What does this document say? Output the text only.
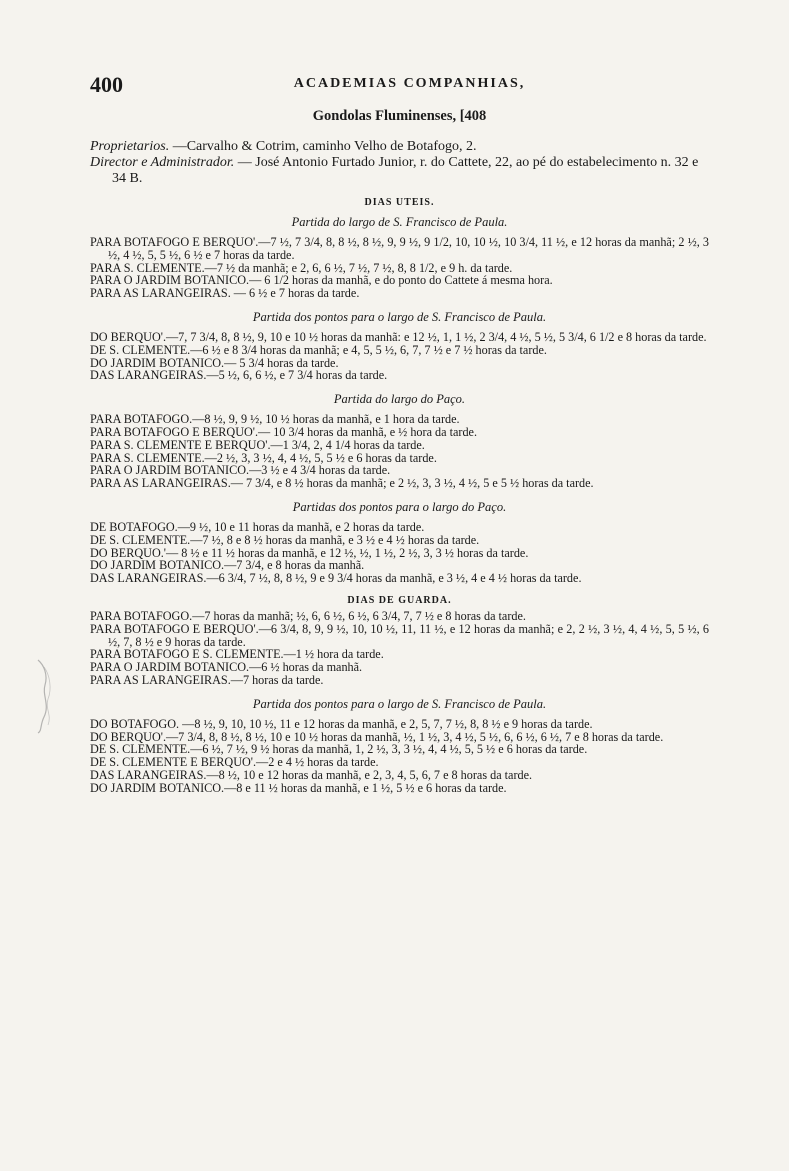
400	ACADEMIAS COMPANHIAS,
Gondolas Fluminenses, [408

Proprietarios. —Carvalho & Cotrim, caminho Velho de Botafogo, 2.

Director e Administrador. — José Antonio Furtado Junior, r. do Cattete, 22, ao pé do estabelecimento n. 32 e 34 B.

DIAS UTEIS.
Partida do largo de S. Francisco de Paula.

PARA BOTAFOGO E BERQUO'.—7 ½, 7 3/4, 8, 8 ½, 8 ½, 9, 9 ½, 9 1/2, 10, 10 ½, 10 3/4, 11 ½, e 12 horas da manhã; 2 ½, 3 ½, 4 ½, 5, 5 ½, 6 ½ e 7 horas da tarde.

PARA S. CLEMENTE.—7 ½ da manhã; e 2, 6, 6 ½, 7 ½, 7 ½, 8, 8 1/2, e 9 h. da tarde.

PARA O JARDIM BOTANICO.— 6 1/2 horas da manhã, e do ponto do Cattete á mesma hora.

PARA AS LARANGEIRAS. — 6 ½ e 7 horas da tarde.

Partida dos pontos para o largo de S. Francisco de Paula.

DO BERQUO'.—7, 7 3/4, 8, 8 ½, 9, 10 e 10 ½ horas da manhã: e 12 ½, 1, 1 ½, 2 3/4, 4 ½, 5 ½, 5 3/4, 6 1/2 e 8 horas da tarde.

DE S. CLEMENTE.—6 ½ e 8 3/4 horas da manhã; e 4, 5, 5 ½, 6, 7, 7 ½ e 7 ½ horas da tarde.

DO JARDIM BOTANICO.— 5 3/4 horas da tarde.

DAS LARANGEIRAS.—5 ½, 6, 6 ½, e 7 3/4 horas da tarde.

Partida do largo do Paço.

PARA BOTAFOGO.—8 ½, 9, 9 ½, 10 ½ horas da manhã, e 1 hora da tarde.

PARA BOTAFOGO E BERQUO'.— 10 3/4 horas da manhã, e ½ hora da tarde.

PARA S. CLEMENTE E BERQUO'.—1 3/4, 2, 4 1/4 horas da tarde.

PARA S. CLEMENTE.—2 ½, 3, 3 ½, 4, 4 ½, 5, 5 ½ e 6 horas da tarde.

PARA O JARDIM BOTANICO.—3 ½ e 4 3/4 horas da tarde.

PARA AS LARANGEIRAS.— 7 3/4, e 8 ½ horas da manhã; e 2 ½, 3, 3 ½, 4 ½, 5 e 5 ½ horas da tarde.

Partidas dos pontos para o largo do Paço.

DE BOTAFOGO.—9 ½, 10 e 11 horas da manhã, e 2 horas da tarde.

DE S. CLEMENTE.—7 ½, 8 e 8 ½ horas da manhã, e 3 ½ e 4 ½ horas da tarde.

DO BERQUO.'— 8 ½ e 11 ½ horas da manhã, e 12 ½, ½, 1 ½, 2 ½, 3, 3 ½ horas da tarde.

DO JARDIM BOTANICO.—7 3/4, e 8 horas da manhã.

DAS LARANGEIRAS.—6 3/4, 7 ½, 8, 8 ½, 9 e 9 3/4 horas da manhã, e 3 ½, 4 e 4 ½ horas da tarde.

DIAS DE GUARDA.

PARA BOTAFOGO.—7 horas da manhã; ½, 6, 6 ½, 6 ½, 6 3/4, 7, 7 ½ e 8 horas da tarde.

PARA BOTAFOGO E BERQUO'.—6 3/4, 8, 9, 9 ½, 10, 10 ½, 11, 11 ½, e 12 horas da manhã; e 2, 2 ½, 3 ½, 4, 4 ½, 5, 5 ½, 6 ½, 7, 8 ½ e 9 horas da tarde.

PARA BOTAFOGO E S. CLEMENTE.—1 ½ hora da tarde.

PARA O JARDIM BOTANICO.—6 ½ horas da manhã.

PARA AS LARANGEIRAS.—7 horas da tarde.

Partida dos pontos para o largo de S. Francisco de Paula.

DO BOTAFOGO. —8 ½, 9, 10, 10 ½, 11 e 12 horas da manhã, e 2, 5, 7, 7 ½, 8, 8 ½ e 9 horas da tarde.

DO BERQUO'.—7 3/4, 8, 8 ½, 8 ½, 10 e 10 ½ horas da manhã, ½, 1 ½, 3, 4 ½, 5 ½, 6, 6 ½, 6 ½, 7 e 8 horas da tarde.

DE S. CLEMENTE.—6 ½, 7 ½, 9 ½ horas da manhã, 1, 2 ½, 3, 3 ½, 4, 4 ½, 5, 5 ½ e 6 horas da tarde.

DE S. CLEMENTE E BERQUO'.—2 e 4 ½ horas da tarde.

DAS LARANGEIRAS.—8 ½, 10 e 12 horas da manhã, e 2, 3, 4, 5, 6, 7 e 8 horas da tarde.

DO JARDIM BOTANICO.—8 e 11 ½ horas da manhã, e 1 ½, 5 ½ e 6 horas da tarde.
